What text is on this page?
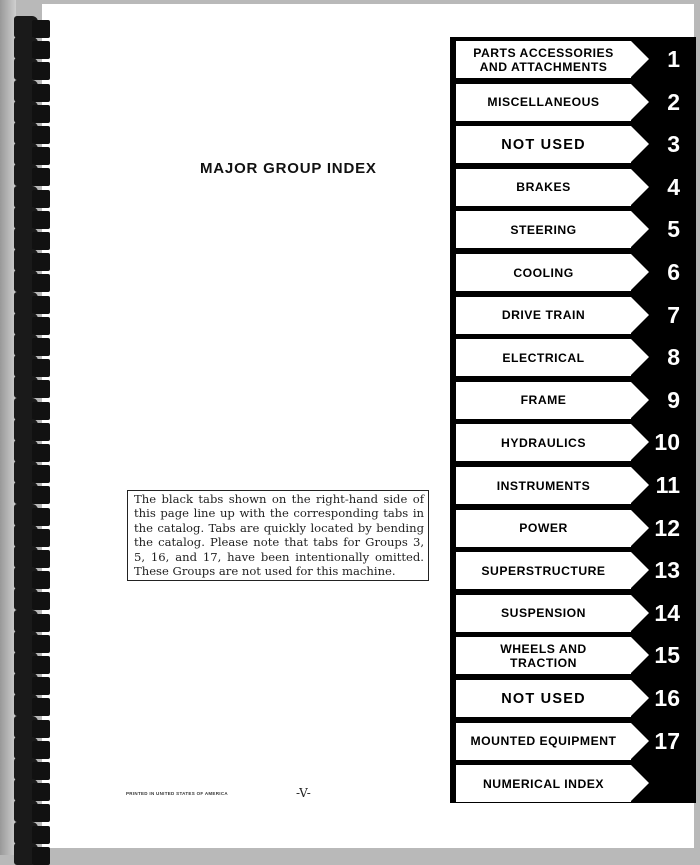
MAJOR GROUP INDEX
The black tabs shown on the right-hand side of this page line up with the corresponding tabs in the catalog. Tabs are quickly located by bending the catalog. Please note that tabs for Groups 3, 5, 16, and 17, have been intentionally omitted. These Groups are not used for this machine.
PRINTED IN UNITED STATES OF AMERICA	-V-
PARTS ACCESSORIES
AND ATTACHMENTS	1
MISCELLANEOUS	2
NOT USED	3
BRAKES	4
STEERING	5
COOLING	6
DRIVE TRAIN	7
ELECTRICAL	8
FRAME	9
HYDRAULICS	10
INSTRUMENTS	11
POWER	12
SUPERSTRUCTURE	13
SUSPENSION	14
WHEELS AND
TRACTION	15
NOT USED	16
MOUNTED EQUIPMENT	17
NUMERICAL INDEX
